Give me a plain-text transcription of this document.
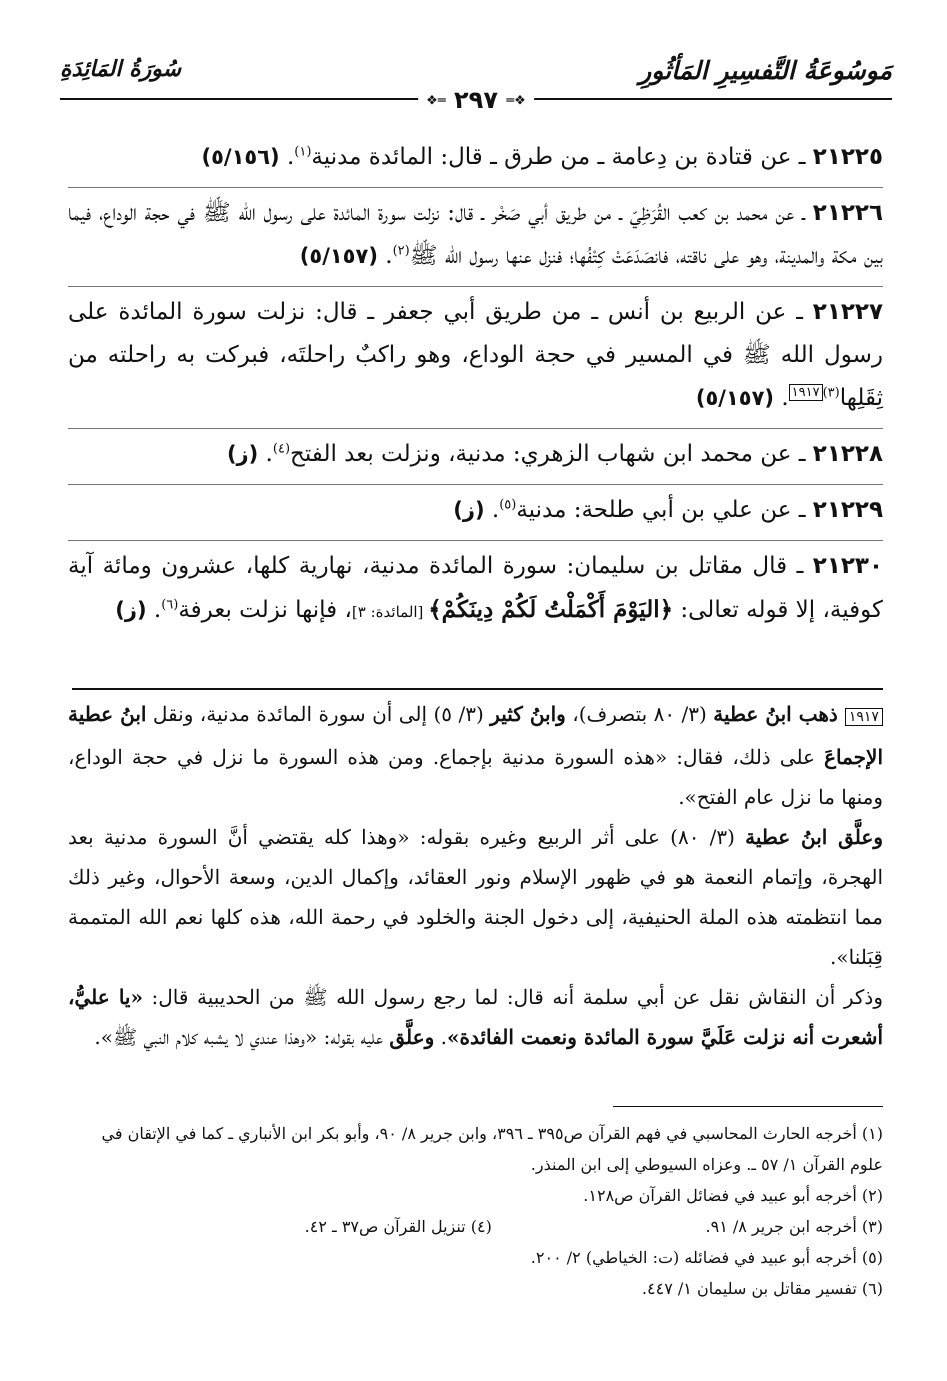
مَوسُوعَةُ التَّفسِيرِ المَأثُورِ
سُورَةُ المَائِدَةِ
❖═ ٢٩٧ ═❖

٢١٢٢٥ ـ عن قتادة بن دِعامة ـ من طرق ـ قال: المائدة مدنية$^{(١)}$. (٥/١٥٦)

٢١٢٢٦ ـ عن محمد بن كعب القُرَظِيّ ـ من طريق أبي صَخْر ـ قال: نزلت سورة المائدة على رسول الله ﷺ في حجة الوداع، فيما بين مكة والمدينة، وهو على ناقته، فانصَدَعَتْ كِتْفُها؛ فنزل عنها رسول الله ﷺ$^{(٢)}$. (٥/١٥٧)

٢١٢٢٧ ـ عن الربيع بن أنس ـ من طريق أبي جعفر ـ قال: نزلت سورة المائدة على رسول الله ﷺ في المسير في حجة الوداع، وهو راكبٌ راحلتَه، فبركت به راحلته من ثِقَلِها$^{(٣)١٩١٧}$. (٥/١٥٧)

٢١٢٢٨ ـ عن محمد ابن شهاب الزهري: مدنية، ونزلت بعد الفتح$^{(٤)}$. (ز)

٢١٢٢٩ ـ عن علي بن أبي طلحة: مدنية$^{(٥)}$. (ز)

٢١٢٣٠ ـ قال مقاتل بن سليمان: سورة المائدة مدنية، نهارية كلها، عشرون ومائة آية كوفية، إلا قوله تعالى: ﴿اليَوْمَ أَكْمَلْتُ لَكُمْ دِينَكُمْ﴾ [المائدة: ٣]، فإنها نزلت بعرفة$^{(٦)}$. (ز)

١٩١٧ ذهب ابنُ عطية (٣/ ٨٠ بتصرف)، وابنُ كثير (٣/ ٥) إلى أن سورة المائدة مدنية، ونقل ابنُ عطية الإجماعَ على ذلك، فقال: «هذه السورة مدنية بإجماع. ومن هذه السورة ما نزل في حجة الوداع، ومنها ما نزل عام الفتح».

وعلَّق ابنُ عطية (٣/ ٨٠) على أثر الربيع وغيره بقوله: «وهذا كله يقتضي أنَّ السورة مدنية بعد الهجرة، وإتمام النعمة هو في ظهور الإسلام ونور العقائد، وإكمال الدين، وسعة الأحوال، وغير ذلك مما انتظمته هذه الملة الحنيفية، إلى دخول الجنة والخلود في رحمة الله، هذه كلها نعم الله المتممة قِبَلنا».

وذكر أن النقاش نقل عن أبي سلمة أنه قال: لما رجع رسول الله ﷺ من الحديبية قال: «يا عليُّ، أشعرت أنه نزلت عَلَيَّ سورة المائدة ونعمت الفائدة». وعلَّق عليه بقوله: «وهذا عندي لا يشبه كلام النبي ﷺ».

(١) أخرجه الحارث المحاسبي في فهم القرآن ص٣٩٥ ـ ٣٩٦، وابن جرير ٨/ ٩٠، وأبو بكر ابن الأنباري ـ كما في الإتقان في علوم القرآن ١/ ٥٧ ـ. وعزاه السيوطي إلى ابن المنذر.

(٢) أخرجه أبو عبيد في فضائل القرآن ص١٢٨.

(٣) أخرجه ابن جرير ٨/ ٩١.

(٤) تنزيل القرآن ص٣٧ ـ ٤٢.

(٥) أخرجه أبو عبيد في فضائله (ت: الخياطي) ٢/ ٢٠٠.

(٦) تفسير مقاتل بن سليمان ١/ ٤٤٧.
